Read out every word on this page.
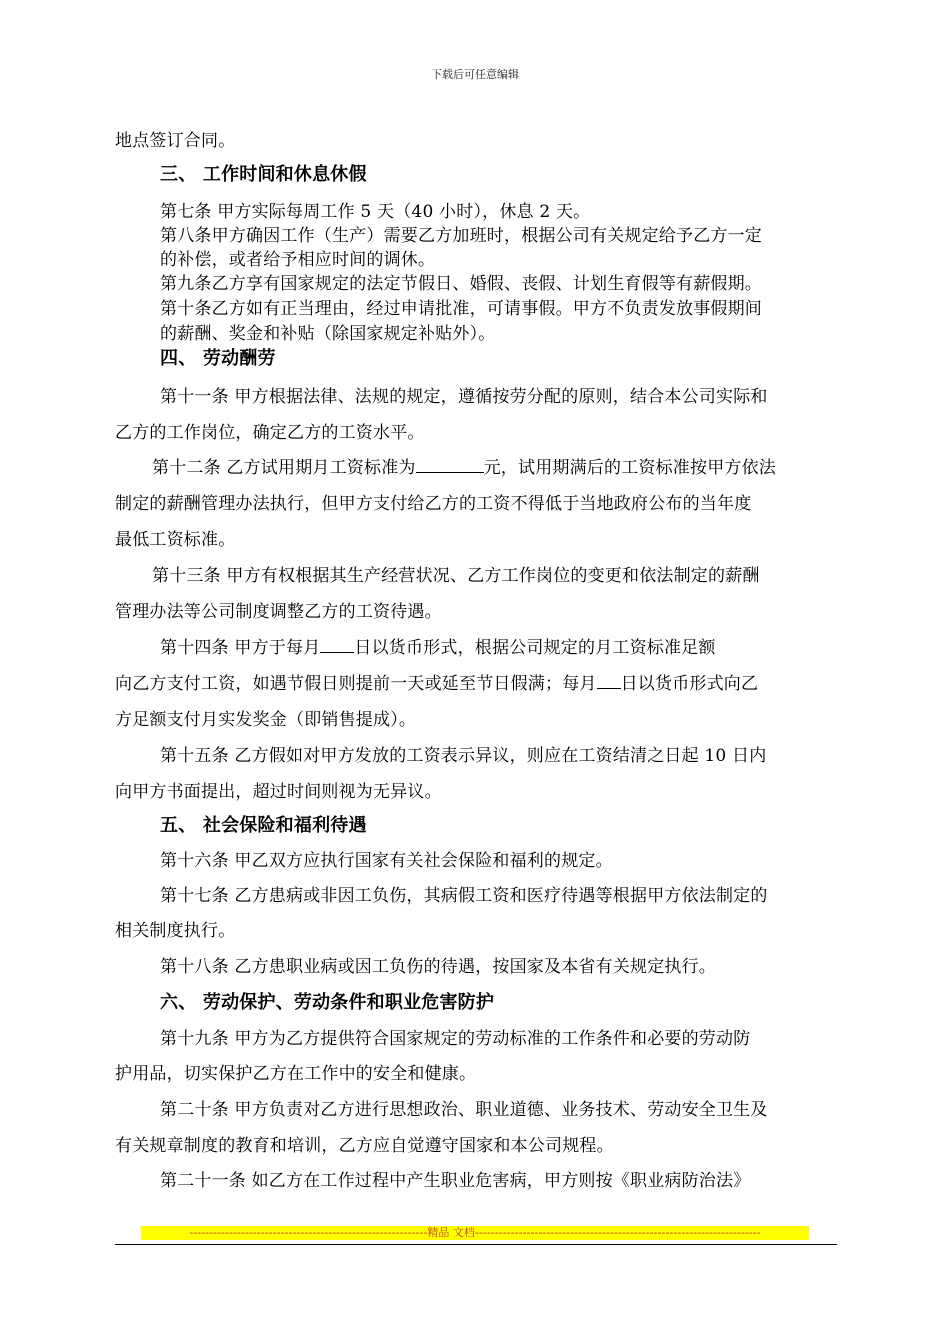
下载后可任意编辑
地点签订合同。
三、 工作时间和休息休假
第七条 甲方实际每周工作 5 天（40 小时），休息 2 天。
第八条甲方确因工作（生产）需要乙方加班时，根据公司有关规定给予乙方一定
的补偿，或者给予相应时间的调休。
第九条乙方享有国家规定的法定节假日、婚假、丧假、计划生育假等有薪假期。
第十条乙方如有正当理由，经过申请批准，可请事假。甲方不负责发放事假期间
的薪酬、奖金和补贴（除国家规定补贴外）。
四、 劳动酬劳
第十一条 甲方根据法律、法规的规定，遵循按劳分配的原则，结合本公司实际和
乙方的工作岗位，确定乙方的工资水平。
第十二条 乙方试用期月工资标准为	元，试用期满后的工资标准按甲方依法
制定的薪酬管理办法执行，但甲方支付给乙方的工资不得低于当地政府公布的当年度
最低工资标准。
第十三条 甲方有权根据其生产经营状况、乙方工作岗位的变更和依法制定的薪酬
管理办法等公司制度调整乙方的工资待遇。
第十四条 甲方于每月 日以货币形式，根据公司规定的月工资标准足额
向乙方支付工资，如遇节假日则提前一天或延至节日假满；每月 日以货币形式向乙
方足额支付月实发奖金（即销售提成）。
第十五条 乙方假如对甲方发放的工资表示异议，则应在工资结清之日起 10 日内
向甲方书面提出，超过时间则视为无异议。
五、 社会保险和福利待遇
第十六条 甲乙双方应执行国家有关社会保险和福利的规定。
第十七条 乙方患病或非因工负伤，其病假工资和医疗待遇等根据甲方依法制定的
相关制度执行。
第十八条 乙方患职业病或因工负伤的待遇，按国家及本省有关规定执行。
六、 劳动保护、劳动条件和职业危害防护
第十九条 甲方为乙方提供符合国家规定的劳动标准的工作条件和必要的劳动防
护用品，切实保护乙方在工作中的安全和健康。
第二十条 甲方负责对乙方进行思想政治、职业道德、业务技术、劳动安全卫生及
有关规章制度的教育和培训，乙方应自觉遵守国家和本公司规程。
第二十一条 如乙方在工作过程中产生职业危害病，甲方则按《职业病防治法》
------------------------------------------------------------精品 文档------------------------------------------------------------------------
